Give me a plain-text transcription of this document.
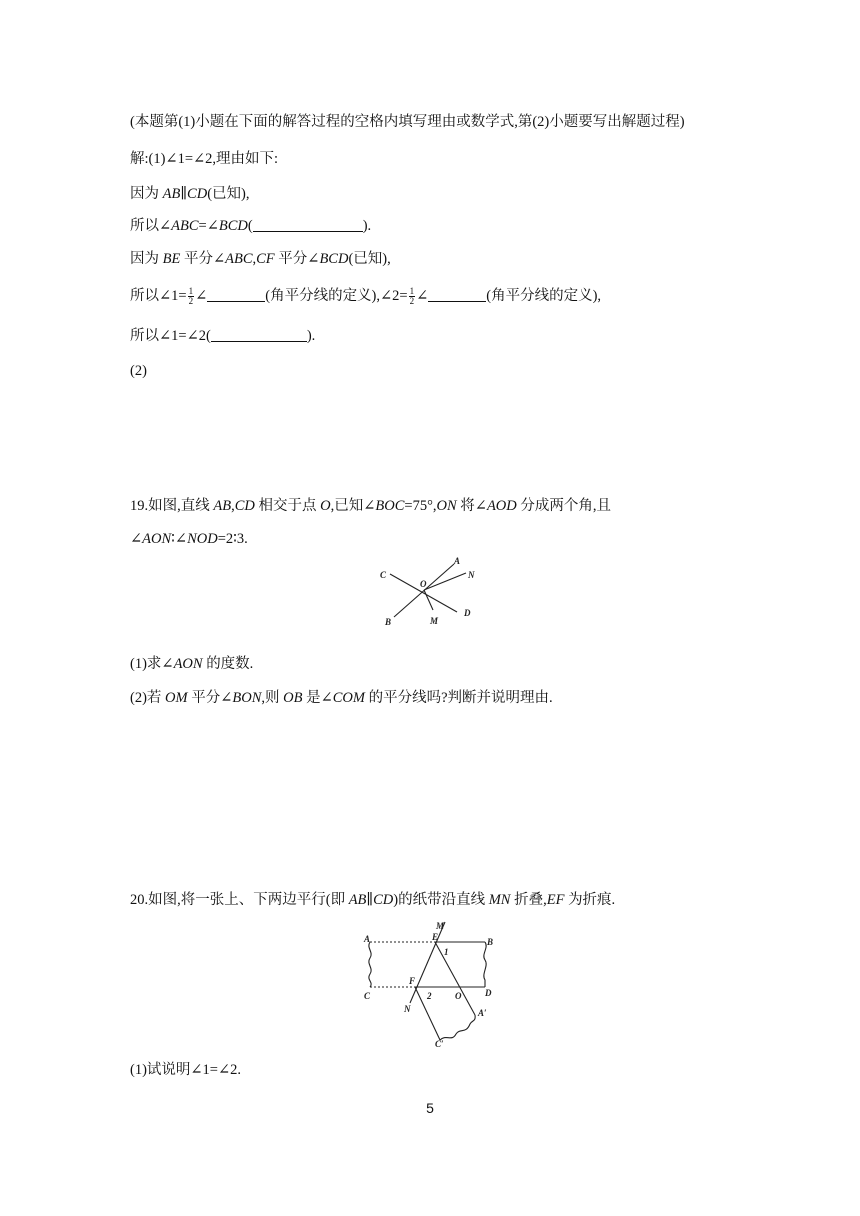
(本题第(1)小题在下面的解答过程的空格内填写理由或数学式,第(2)小题要写出解题过程)
解:(1)∠1=∠2,理由如下:
因为 AB∥CD(已知),
所以∠ABC=∠BCD(	).
因为 BE 平分∠ABC,CF 平分∠BCD(已知),
所以∠1= $\frac{1}{2}$ ∠	(角平分线的定义),∠2= $\frac{1}{2}$ ∠	(角平分线的定义),
所以∠1=∠2(	).
(2)
19.如图,直线 AB,CD 相交于点 O,已知∠BOC=75°,ON 将∠AOD 分成两个角,且
∠AON∶∠NOD=2∶3.
C
O
A
N
D
B	M
(1)求∠AON 的度数.
(2)若 OM 平分∠BON,则 OB 是∠COM 的平分线吗?判断并说明理由.
20.如图,将一张上、下两边平行(即 AB∥CD)的纸带沿直线 MN 折叠,EF 为折痕.
A
M
E	B
1
F
C	2	O	D
N	A′
C′
(1)试说明∠1=∠2.
5
